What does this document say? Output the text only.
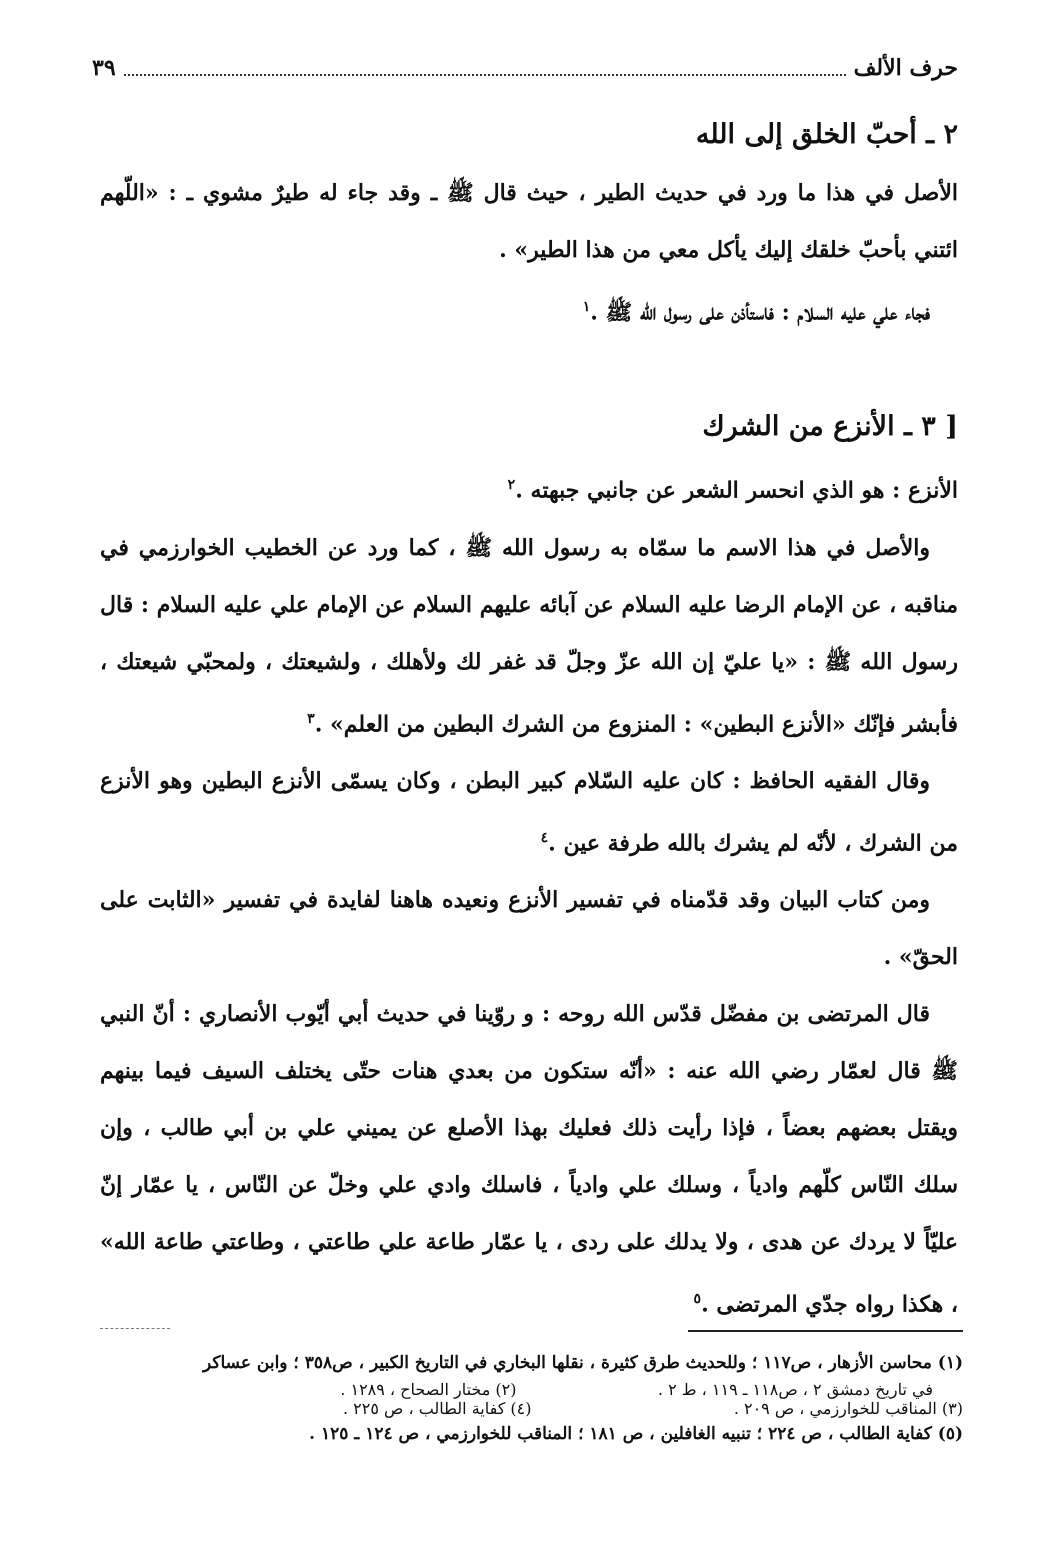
حرف الألف
٣٩
٢ ـ أحبّ الخلق إلى الله

الأصل في هذا ما ورد في حديث الطير ، حيث قال ﷺ ـ وقد جاء له طيرٌ مشوي ـ : «اللّهم ائتني بأحبّ خلقك إليك يأكل معي من هذا الطير» .

فجاء علي عليه السلام : فاستأذن على رسول الله ﷺ .$^١$

[ ٣ ـ الأنزع من الشرك

الأنزع : هو الذي انحسر الشعر عن جانبي جبهته .$^٢$

والأصل في هذا الاسم ما سمّاه به رسول الله ﷺ ، كما ورد عن الخطيب الخوارزمي في مناقبه ، عن الإمام الرضا عليه السلام عن آبائه عليهم السلام عن الإمام علي عليه السلام : قال رسول الله ﷺ : «يا عليّ إن الله عزّ وجلّ قد غفر لك ولأهلك ، ولشيعتك ، ولمحبّي شيعتك ، فأبشر فإنّك «الأنزع البطين» : المنزوع من الشرك البطين من العلم» .$^٣$

وقال الفقيه الحافظ : كان عليه السّلام كبير البطن ، وكان يسمّى الأنزع البطين وهو الأنزع من الشرك ، لأنّه لم يشرك بالله طرفة عين .$^٤$

ومن كتاب البيان وقد قدّمناه في تفسير الأنزع ونعيده هاهنا لفايدة في تفسير «الثابت على الحقّ» .

قال المرتضى بن مفضّل قدّس الله روحه : و روّينا في حديث أبي أيّوب الأنصاري : أنّ النبي ﷺ قال لعمّار رضي الله عنه : «أنّه ستكون من بعدي هنات حتّى يختلف السيف فيما بينهم ويقتل بعضهم بعضاً ، فإذا رأيت ذلك فعليك بهذا الأصلع عن يميني علي بن أبي طالب ، وإن سلك النّاس كلّهم وادياً ، وسلك علي وادياً ، فاسلك وادي علي وخلّ عن النّاس ، يا عمّار إنّ عليّاً لا يردك عن هدى ، ولا يدلك على ردى ، يا عمّار طاعة علي طاعتي ، وطاعتي طاعة الله» ، هكذا رواه جدّي المرتضى .$^٥$

(١) محاسن الأزهار ، ص١١٧ ؛ وللحديث طرق كثيرة ، نقلها البخاري في التاريخ الكبير ، ص٣٥٨ ؛ وابن عساكر

في تاريخ دمشق ٢ ، ص١١٨ ـ ١١٩ ، ط ٢ .
(٢) مختار الصحاح ، ١٢٨٩ .
(٣) المناقب للخوارزمي ، ص ٢٠٩ .
(٤) كفاية الطالب ، ص ٢٢٥ .

(٥) كفاية الطالب ، ص ٢٢٤ ؛ تنبيه الغافلين ، ص ١٨١ ؛ المناقب للخوارزمي ، ص ١٢٤ ـ ١٢٥ .
